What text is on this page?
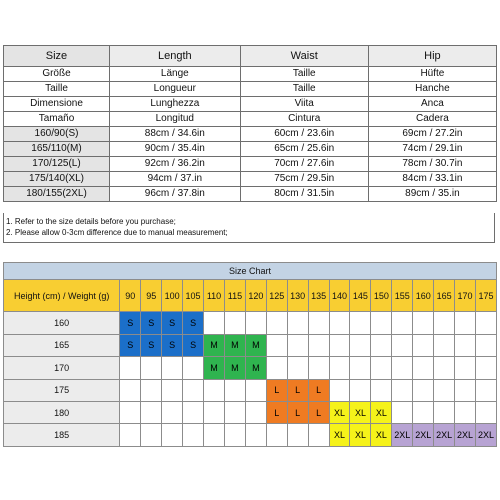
Size	Length	Waist	Hip
Größe	Länge	Taille	Hüfte
Taille	Longueur	Taille	Hanche
Dimensione	Lunghezza	Viita	Anca
Tamaño	Longitud	Cintura	Cadera
160/90(S)	88cm / 34.6in	60cm / 23.6in	69cm / 27.2in
165/110(M)	90cm / 35.4in	65cm / 25.6in	74cm / 29.1in
170/125(L)	92cm / 36.2in	70cm / 27.6in	78cm / 30.7in
175/140(XL)	94cm / 37.in	75cm / 29.5in	84cm / 33.1in
180/155(2XL)	96cm / 37.8in	80cm / 31.5in	89cm / 35.in
1. Refer to the size details before you purchase;
2. Please allow 0-3cm difference due to manual measurement;
Size Chart																		
Height (cm) / Weight (g)	90	95	100	105	110	115	120	125	130	135	140	145	150	155	160	165	170	175
160	S	S	S	S														
165	S	S	S	S	M	M	M											
170					M	M	M											
175								L	L	L								
180								L	L	L	XL	XL	XL					
185											XL	XL	XL	2XL	2XL	2XL	2XL	2XL
